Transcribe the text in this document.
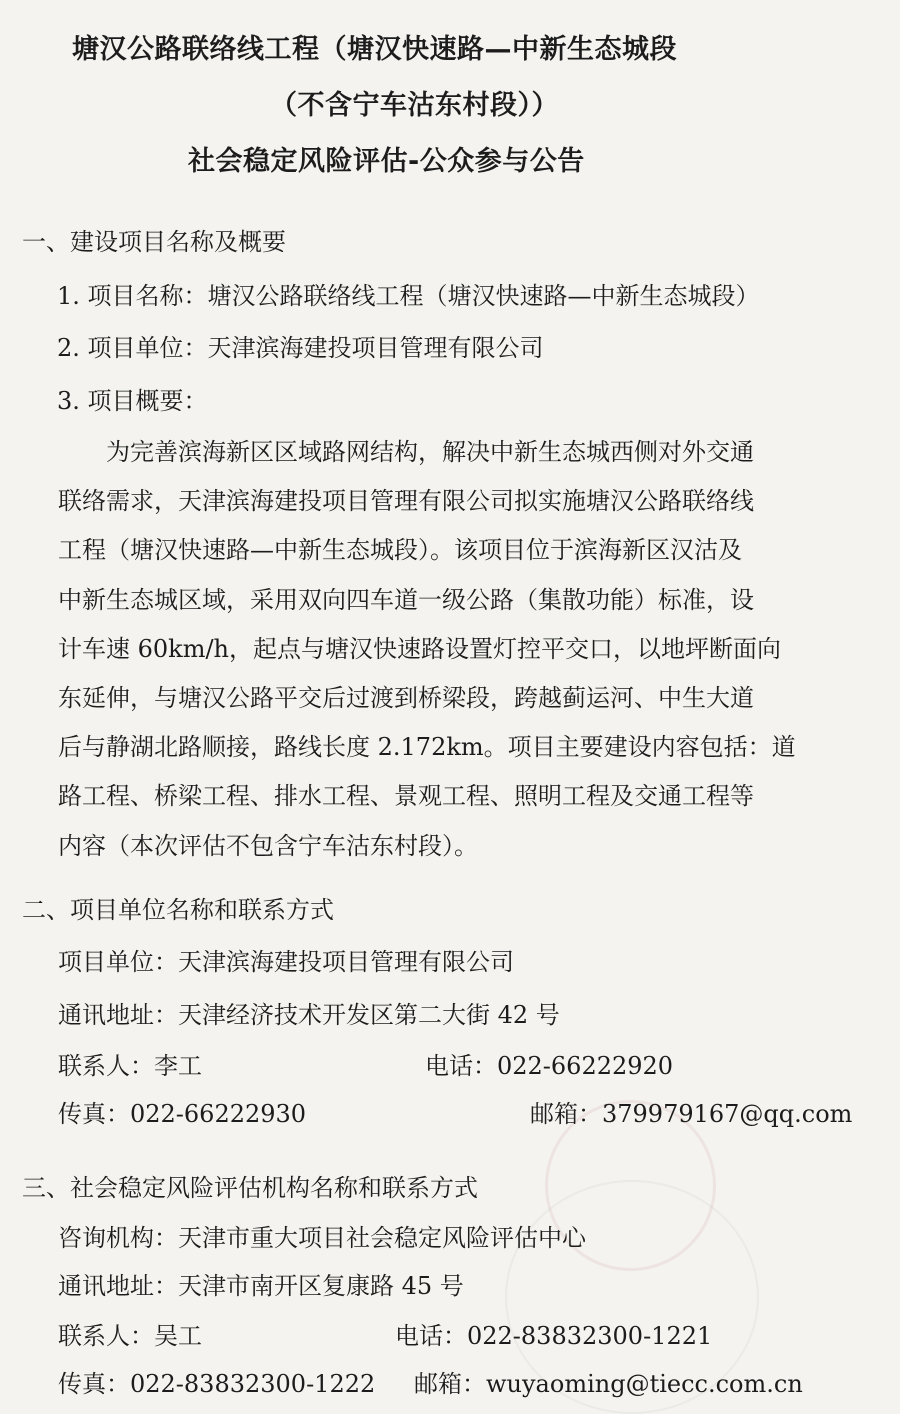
塘汉公路联络线工程（塘汉快速路—中新生态城段
（不含宁车沽东村段））
社会稳定风险评估-公众参与公告
一、建设项目名称及概要
1. 项目名称：塘汉公路联络线工程（塘汉快速路—中新生态城段）
2. 项目单位：天津滨海建投项目管理有限公司
3. 项目概要：

　　为完善滨海新区区域路网结构，解决中新生态城西侧对外交通

联络需求，天津滨海建投项目管理有限公司拟实施塘汉公路联络线

工程（塘汉快速路—中新生态城段）。该项目位于滨海新区汉沽及

中新生态城区域，采用双向四车道一级公路（集散功能）标准，设

计车速 60km/h，起点与塘汉快速路设置灯控平交口，以地坪断面向

东延伸，与塘汉公路平交后过渡到桥梁段，跨越蓟运河、中生大道

后与静湖北路顺接，路线长度 2.172km。项目主要建设内容包括：道

路工程、桥梁工程、排水工程、景观工程、照明工程及交通工程等

内容（本次评估不包含宁车沽东村段）。

二、项目单位名称和联系方式
项目单位：天津滨海建投项目管理有限公司
通讯地址：天津经济技术开发区第二大街 42 号
联系人：李工	电话：022-66222920
传真：022-66222930	邮箱：379979167@qq.com
三、社会稳定风险评估机构名称和联系方式
咨询机构：天津市重大项目社会稳定风险评估中心
通讯地址：天津市南开区复康路 45 号
联系人：吴工	电话：022-83832300-1221
传真：022-83832300-1222 邮箱：wuyaoming@tiecc.com.cn
